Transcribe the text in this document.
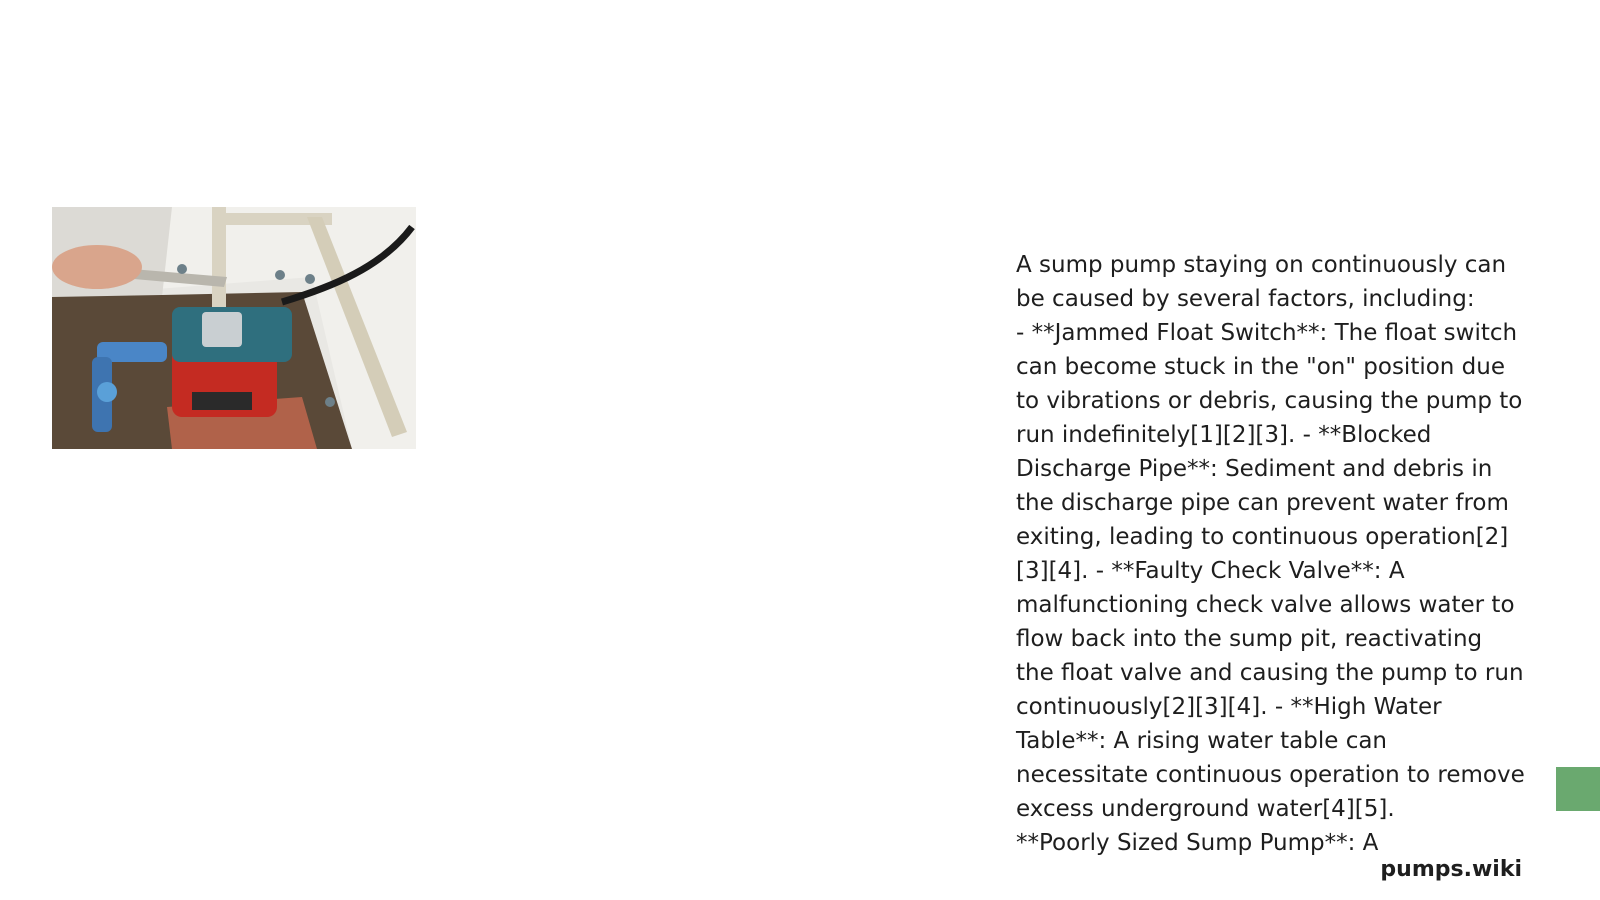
A sump pump staying on continuously can be caused by several factors, including:

- **Jammed Float Switch**: The float switch can become stuck in the "on" position due to vibrations or debris, causing the pump to run indefinitely[1][2][3]. - **Blocked Discharge Pipe**: Sediment and debris in the discharge pipe can prevent water from exiting, leading to continuous operation[2][3][4]. - **Faulty Check Valve**: A malfunctioning check valve allows water to flow back into the sump pit, reactivating the float valve and causing the pump to run continuously[2][3][4]. - **High Water Table**: A rising water table can necessitate continuous operation to remove excess underground water[4][5].

**Poorly Sized Sump Pump**: A

pumps.wiki
